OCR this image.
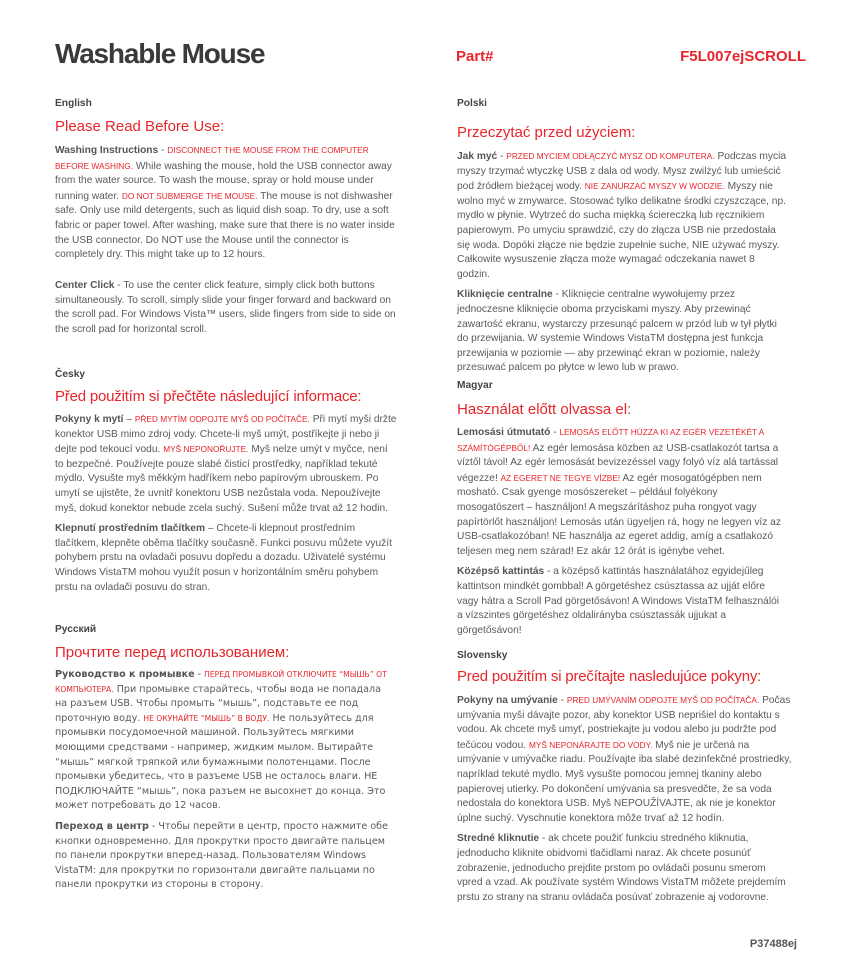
Washable Mouse	Part#	F5L007ejSCROLL
English
Please Read Before Use:

Washing Instructions - DISCONNECT THE MOUSE FROM THE COMPUTER BEFORE WASHING. While washing the mouse, hold the USB connector away from the water source. To wash the mouse, spray or hold mouse under running water. DO NOT SUBMERGE THE MOUSE. The mouse is not dishwasher safe. Only use mild detergents, such as liquid dish soap. To dry, use a soft fabric or paper towel. After washing, make sure that there is no water inside the USB connector. Do NOT use the Mouse until the connector is completely dry. This might take up to 12 hours.

Center Click - To use the center click feature, simply click both buttons simultaneously. To scroll, simply slide your finger forward and backward on the scroll pad. For Windows Vista™ users, slide fingers from side to side on the scroll pad for horizontal scroll.

Česky
Před použitím si přečtěte následující informace:

Pokyny k mytí – PŘED MYTÍM ODPOJTE MYŠ OD POČÍTAČE. Při mytí myši držte konektor USB mimo zdroj vody. Chcete-li myš umýt, postříkejte ji nebo ji dejte pod tekoucí vodu. MYŠ NEPONOŘUJTE. Myš nelze umýt v myčce, není to bezpečné. Používejte pouze slabé čisticí prostředky, například tekuté mýdlo. Vysušte myš měkkým hadříkem nebo papírovým ubrouskem. Po umytí se ujistěte, že uvnitř konektoru USB nezůstala voda. Nepoužívejte myš, dokud konektor nebude zcela suchý. Sušení může trvat až 12 hodin.

Klepnutí prostředním tlačítkem – Chcete-li klepnout prostředním tlačítkem, klepněte oběma tlačítky současně. Funkci posuvu můžete využít pohybem prstu na ovladači posuvu dopředu a dozadu. Uživatelé systému Windows VistaTM mohou využít posun v horizontálním směru pohybem prstu na ovladači posuvu do stran.

Русский
Прочтите перед использованием:

Руководство к промывке - ПЕРЕД ПРОМЫВКОЙ ОТКЛЮЧИТЕ “МЫШЬ” ОТ КОМПЬЮТЕРА. При промывке старайтесь, чтобы вода не попадала на разъем USB. Чтобы промыть “мышь”, подставьте ее под проточную воду. НЕ ОКУНАЙТЕ “МЫШЬ” В ВОДУ. Не пользуйтесь для промывки посудомоечной машиной. Пользуйтесь мягкими моющими средствами - например, жидким мылом. Вытирайте “мышь” мягкой тряпкой или бумажными полотенцами. После промывки убедитесь, что в разъеме USB не осталось влаги. НЕ ПОДКЛЮЧАЙТЕ “мышь”, пока разъем не высохнет до конца. Это может потребовать до 12 часов.

Переход в центр - Чтобы перейти в центр, просто нажмите обе кнопки одновременно. Для прокрутки просто двигайте пальцем по панели прокрутки вперед-назад. Пользователям Windows VistaTM: для прокрутки по горизонтали двигайте пальцами по панели прокрутки из стороны в сторону.

Polski
Przeczytać przed użyciem:

Jak myć - PRZED MYCIEM ODŁĄCZYĆ MYSZ OD KOMPUTERA. Podczas mycia myszy trzymać wtyczkę USB z dala od wody. Mysz zwilżyć lub umieścić pod źródłem bieżącej wody. NIE ZANURZAĆ MYSZY W WODZIE. Myszy nie wolno myć w zmywarce. Stosować tylko delikatne środki czyszczące, np. mydło w płynie. Wytrzeć do sucha miękką ściereczką lub ręcznikiem papierowym. Po umyciu sprawdzić, czy do złącza USB nie przedostała się woda. Dopóki złącze nie będzie zupełnie suche, NIE używać myszy. Całkowite wysuszenie złącza może wymagać odczekania nawet 8 godzin.

Kliknięcie centralne - Kliknięcie centralne wywołujemy przez jednoczesne kliknięcie oboma przyciskami myszy. Aby przewinąć zawartość ekranu, wystarczy przesunąć palcem w przód lub w tył płytki do przewijania. W systemie Windows VistaTM dostępna jest funkcja przewijania w poziomie — aby przewinąć ekran w poziomie, należy przesuwać palcem po płytce w lewo lub w prawo.

Magyar
Használat előtt olvassa el:

Lemosási útmutató - LEMOSÁS ELŐTT HÚZZA KI AZ EGÉR VEZETÉKÉT A SZÁMÍTÓGÉPBŐL! Az egér lemosása közben az USB-csatlakozót tartsa a víztől távol! Az egér lemosását bevizezéssel vagy folyó víz alá tartással végezze! AZ EGERET NE TEGYE VÍZBE! Az egér mosogatógépben nem mosható. Csak gyenge mosószereket – például folyékony mosogatószert – használjon! A megszárításhoz puha rongyot vagy papírtörlőt használjon! Lemosás után ügyeljen rá, hogy ne legyen víz az USB-csatlakozóban! NE használja az egeret addig, amíg a csatlakozó teljesen meg nem szárad! Ez akár 12 órát is igénybe vehet.

Középső kattintás - a középső kattintás használatához egyidejűleg kattintson mindkét gombbal! A görgetéshez csúsztassa az ujját előre vagy hátra a Scroll Pad görgetősávon! A Windows VistaTM felhasználói a vízszintes görgetéshez oldalirányba csúsztassák ujjukat a görgetősávon!

Slovensky
Pred použitím si prečítajte nasledujúce pokyny:

Pokyny na umývanie - PRED UMÝVANÍM ODPOJTE MYŠ OD POČÍTAČA. Počas umývania myši dávajte pozor, aby konektor USB neprišiel do kontaktu s vodou. Ak chcete myš umyť, postriekajte ju vodou alebo ju podržte pod tečúcou vodou. MYŠ NEPONÁRAJTE DO VODY. Myš nie je určená na umývanie v umývačke riadu. Používajte iba slabé dezinfekčné prostriedky, napríklad tekuté mydlo. Myš vysušte pomocou jemnej tkaniny alebo papierovej utierky. Po dokončení umývania sa presvedčte, že sa voda nedostala do konektora USB. Myš NEPOUŽÍVAJTE, ak nie je konektor úplne suchý. Vyschnutie konektora môže trvať až 12 hodín.

Stredné kliknutie - ak chcete použiť funkciu stredného kliknutia, jednoducho kliknite obidvomi tlačidlami naraz. Ak chcete posunúť zobrazenie, jednoducho prejdite prstom po ovládači posunu smerom vpred a vzad. Ak používate systém Windows VistaTM môžete prejdemím prstu zo strany na stranu ovládača posúvať zobrazenie aj vodorovne.

P37488ej
